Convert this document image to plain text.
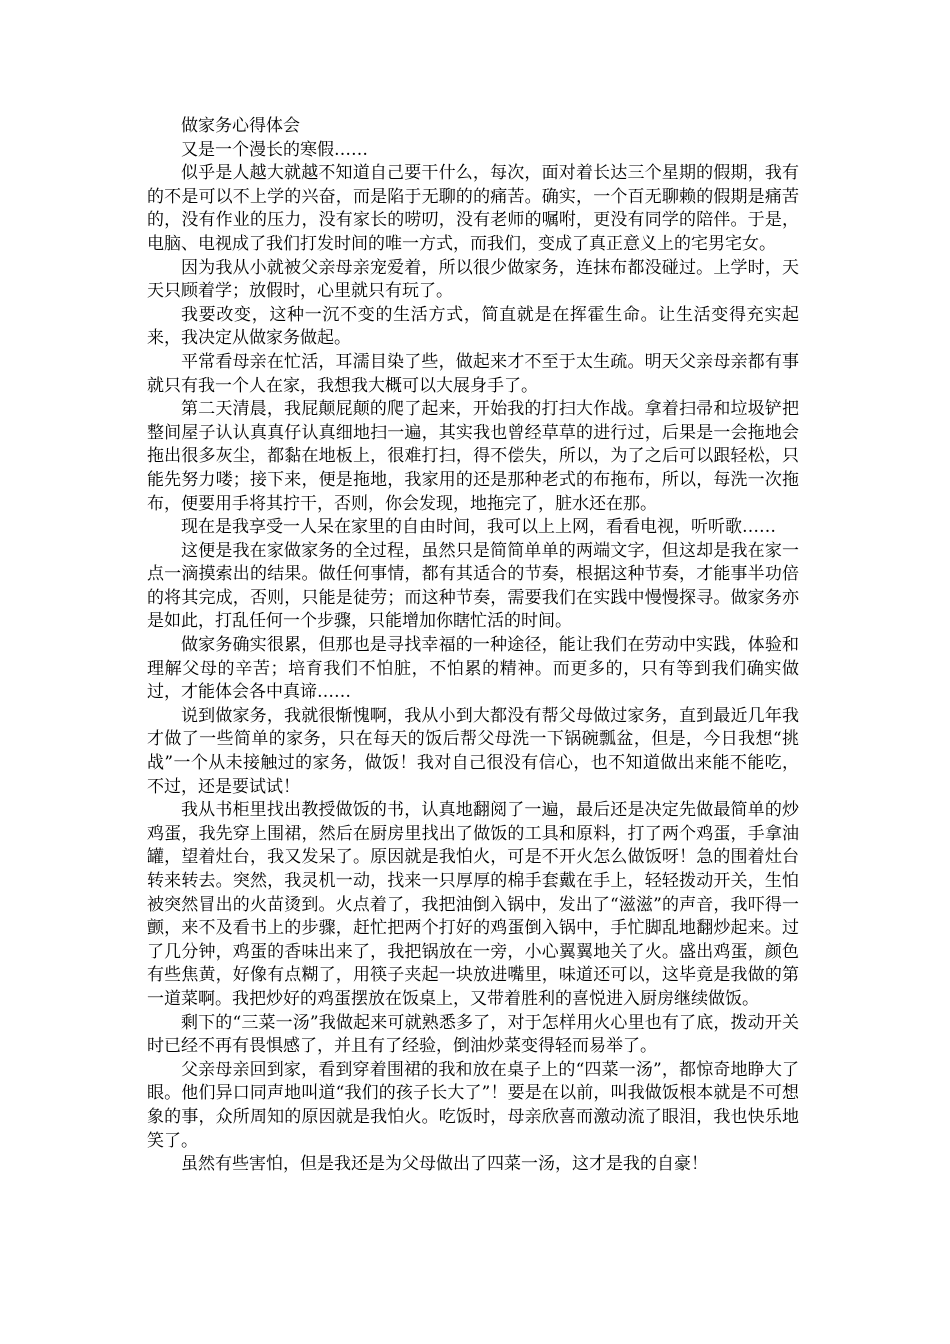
做家务心得体会

又是一个漫长的寒假……

似乎是人越大就越不知道自己要干什么，每次，面对着长达三个星期的假期，我有的不是可以不上学的兴奋，而是陷于无聊的的痛苦。确实，一个百无聊赖的假期是痛苦的，没有作业的压力，没有家长的唠叨，没有老师的嘱咐，更没有同学的陪伴。于是，电脑、电视成了我们打发时间的唯一方式，而我们，变成了真正意义上的宅男宅女。

因为我从小就被父亲母亲宠爱着，所以很少做家务，连抹布都没碰过。上学时，天天只顾着学；放假时，心里就只有玩了。

我要改变，这种一沉不变的生活方式，简直就是在挥霍生命。让生活变得充实起来，我决定从做家务做起。

平常看母亲在忙活，耳濡目染了些，做起来才不至于太生疏。明天父亲母亲都有事就只有我一个人在家，我想我大概可以大展身手了。

第二天清晨，我屁颠屁颠的爬了起来，开始我的打扫大作战。拿着扫帚和垃圾铲把整间屋子认认真真仔认真细地扫一遍，其实我也曾经草草的进行过，后果是一会拖地会拖出很多灰尘，都黏在地板上，很难打扫，得不偿失，所以，为了之后可以跟轻松，只能先努力喽；接下来，便是拖地，我家用的还是那种老式的布拖布，所以，每洗一次拖布，便要用手将其拧干，否则，你会发现，地拖完了，脏水还在那。

现在是我享受一人呆在家里的自由时间，我可以上上网，看看电视，听听歌……

这便是我在家做家务的全过程，虽然只是简简单单的两端文字，但这却是我在家一点一滴摸索出的结果。做任何事情，都有其适合的节奏，根据这种节奏，才能事半功倍的将其完成，否则，只能是徒劳；而这种节奏，需要我们在实践中慢慢探寻。做家务亦是如此，打乱任何一个步骤，只能增加你瞎忙活的时间。

做家务确实很累，但那也是寻找幸福的一种途径，能让我们在劳动中实践，体验和理解父母的辛苦；培育我们不怕脏，不怕累的精神。而更多的，只有等到我们确实做过，才能体会各中真谛……

说到做家务，我就很惭愧啊，我从小到大都没有帮父母做过家务，直到最近几年我才做了一些简单的家务，只在每天的饭后帮父母洗一下锅碗瓢盆，但是，今日我想“挑战”一个从未接触过的家务，做饭！我对自己很没有信心，也不知道做出来能不能吃，不过，还是要试试！

我从书柜里找出教授做饭的书，认真地翻阅了一遍，最后还是决定先做最简单的炒鸡蛋，我先穿上围裙，然后在厨房里找出了做饭的工具和原料，打了两个鸡蛋，手拿油罐，望着灶台，我又发呆了。原因就是我怕火，可是不开火怎么做饭呀！急的围着灶台转来转去。突然，我灵机一动，找来一只厚厚的棉手套戴在手上，轻轻拨动开关，生怕被突然冒出的火苗烫到。火点着了，我把油倒入锅中，发出了“滋滋”的声音，我吓得一颤，来不及看书上的步骤，赶忙把两个打好的鸡蛋倒入锅中，手忙脚乱地翻炒起来。过了几分钟，鸡蛋的香味出来了，我把锅放在一旁，小心翼翼地关了火。盛出鸡蛋，颜色有些焦黄，好像有点糊了，用筷子夹起一块放进嘴里，味道还可以，这毕竟是我做的第一道菜啊。我把炒好的鸡蛋摆放在饭桌上，又带着胜利的喜悦进入厨房继续做饭。

剩下的“三菜一汤”我做起来可就熟悉多了，对于怎样用火心里也有了底，拨动开关时已经不再有畏惧感了，并且有了经验，倒油炒菜变得轻而易举了。

父亲母亲回到家，看到穿着围裙的我和放在桌子上的“四菜一汤”，都惊奇地睁大了眼。他们异口同声地叫道“我们的孩子长大了”！要是在以前，叫我做饭根本就是不可想象的事，众所周知的原因就是我怕火。吃饭时，母亲欣喜而激动流了眼泪，我也快乐地笑了。

虽然有些害怕，但是我还是为父母做出了四菜一汤，这才是我的自豪！
